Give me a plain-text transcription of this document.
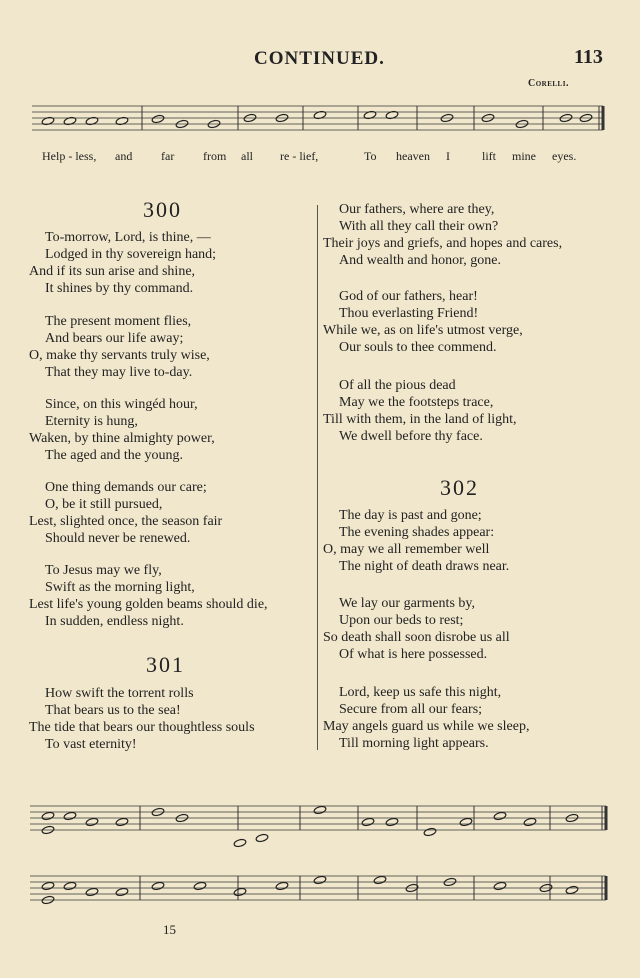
CONTINUED.	113
Corelli.
Help - less, and far from all re - lief,	To heaven I	lift mine eyes.
300
To-morrow, Lord, is thine, —
Lodged in thy sovereign hand;
And if its sun arise and shine,
It shines by thy command.
The present moment flies,
And bears our life away;
O, make thy servants truly wise,
That they may live to-day.
Since, on this wingéd hour,
Eternity is hung,
Waken, by thine almighty power,
The aged and the young.
One thing demands our care;
O, be it still pursued,
Lest, slighted once, the season fair
Should never be renewed.
To Jesus may we fly,
Swift as the morning light,
Lest life's young golden beams should die,
In sudden, endless night.
301
How swift the torrent rolls
That bears us to the sea!
The tide that bears our thoughtless souls
To vast eternity!
Our fathers, where are they,
With all they call their own?
Their joys and griefs, and hopes and cares,
And wealth and honor, gone.
God of our fathers, hear!
Thou everlasting Friend!
While we, as on life's utmost verge,
Our souls to thee commend.
Of all the pious dead
May we the footsteps trace,
Till with them, in the land of light,
We dwell before thy face.
302
The day is past and gone;
The evening shades appear:
O, may we all remember well
The night of death draws near.
We lay our garments by,
Upon our beds to rest;
So death shall soon disrobe us all
Of what is here possessed.
Lord, keep us safe this night,
Secure from all our fears;
May angels guard us while we sleep,
Till morning light appears.
15
